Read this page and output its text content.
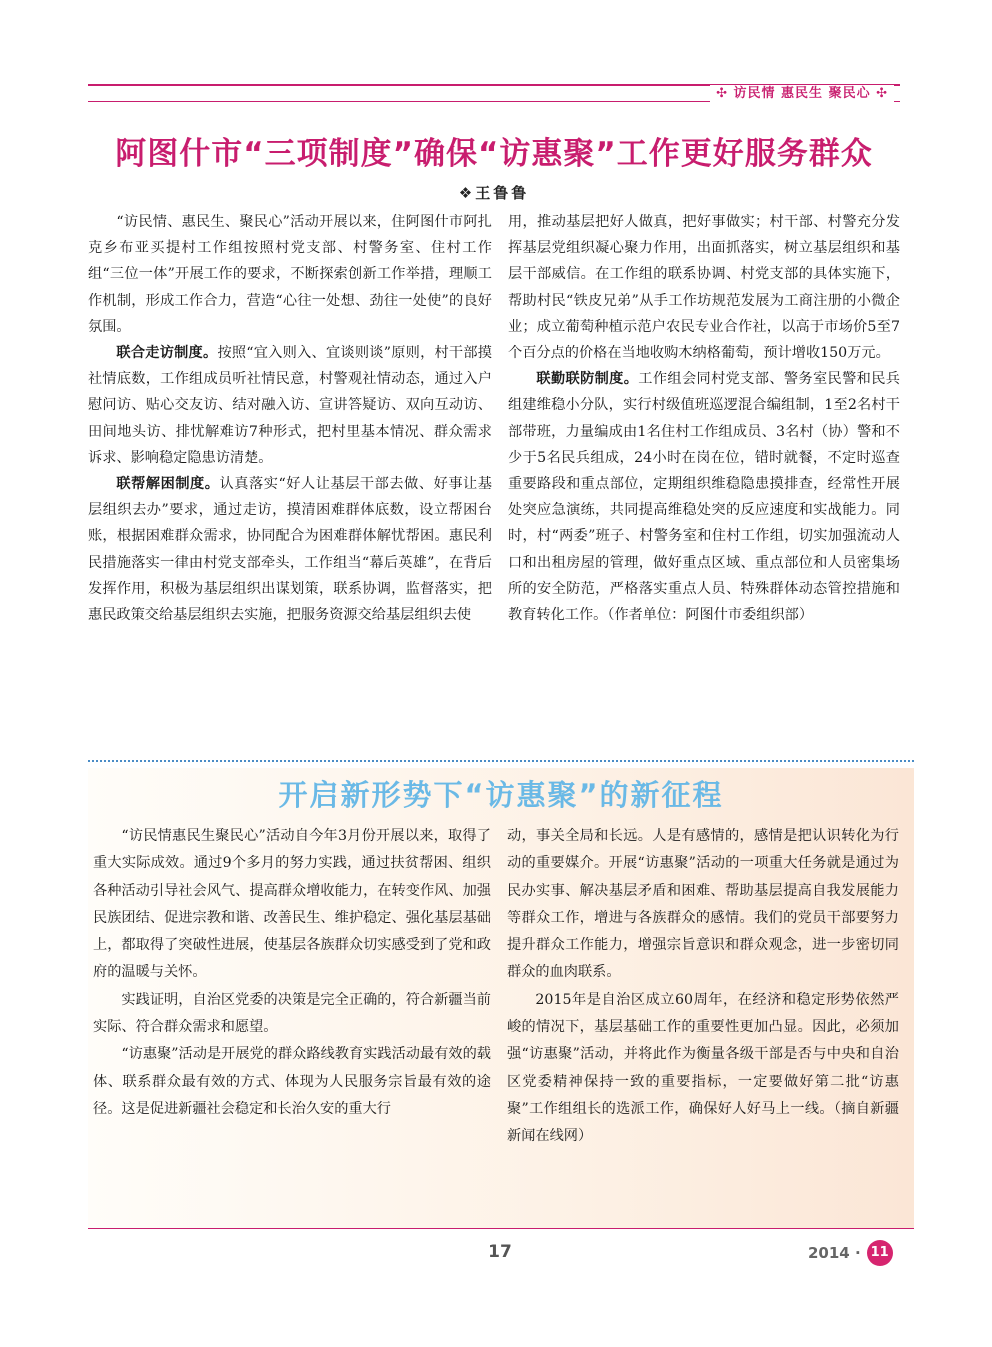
✣ 访民情 惠民生 聚民心 ✣
阿图什市“三项制度”确保“访惠聚”工作更好服务群众
❖王鲁鲁

“访民情、惠民生、聚民心”活动开展以来，住阿图什市阿扎克乡布亚买提村工作组按照村党支部、村警务室、住村工作组“三位一体”开展工作的要求，不断探索创新工作举措，理顺工作机制，形成工作合力，营造“心往一处想、劲往一处使”的良好氛围。

联合走访制度。按照“宜入则入、宜谈则谈”原则，村干部摸社情底数，工作组成员听社情民意，村警观社情动态，通过入户慰问访、贴心交友访、结对融入访、宣讲答疑访、双向互动访、田间地头访、排忧解难访7种形式，把村里基本情况、群众需求诉求、影响稳定隐患访清楚。

联帮解困制度。认真落实“好人让基层干部去做、好事让基层组织去办”要求，通过走访，摸清困难群体底数，设立帮困台账，根据困难群众需求，协同配合为困难群体解忧帮困。惠民利民措施落实一律由村党支部牵头，工作组当“幕后英雄”，在背后发挥作用，积极为基层组织出谋划策，联系协调，监督落实，把惠民政策交给基层组织去实施，把服务资源交给基层组织去使

用，推动基层把好人做真，把好事做实；村干部、村警充分发挥基层党组织凝心聚力作用，出面抓落实，树立基层组织和基层干部威信。在工作组的联系协调、村党支部的具体实施下，帮助村民“铁皮兄弟”从手工作坊规范发展为工商注册的小微企业；成立葡萄种植示范户农民专业合作社，以高于市场价5至7个百分点的价格在当地收购木纳格葡萄，预计增收150万元。

联勤联防制度。工作组会同村党支部、警务室民警和民兵组建维稳小分队，实行村级值班巡逻混合编组制，1至2名村干部带班，力量编成由1名住村工作组成员、3名村（协）警和不少于5名民兵组成，24小时在岗在位，错时就餐，不定时巡查重要路段和重点部位，定期组织维稳隐患摸排查，经常性开展处突应急演练，共同提高维稳处突的反应速度和实战能力。同时，村“两委”班子、村警务室和住村工作组，切实加强流动人口和出租房屋的管理，做好重点区域、重点部位和人员密集场所的安全防范，严格落实重点人员、特殊群体动态管控措施和教育转化工作。（作者单位：阿图什市委组织部）

开启新形势下“访惠聚”的新征程

“访民情惠民生聚民心”活动自今年3月份开展以来，取得了重大实际成效。通过9个多月的努力实践，通过扶贫帮困、组织各种活动引导社会风气、提高群众增收能力，在转变作风、加强民族团结、促进宗教和谐、改善民生、维护稳定、强化基层基础上，都取得了突破性进展，使基层各族群众切实感受到了党和政府的温暖与关怀。

实践证明，自治区党委的决策是完全正确的，符合新疆当前实际、符合群众需求和愿望。

“访惠聚”活动是开展党的群众路线教育实践活动最有效的载体、联系群众最有效的方式、体现为人民服务宗旨最有效的途径。这是促进新疆社会稳定和长治久安的重大行

动，事关全局和长远。人是有感情的，感情是把认识转化为行动的重要媒介。开展“访惠聚”活动的一项重大任务就是通过为民办实事、解决基层矛盾和困难、帮助基层提高自我发展能力等群众工作，增进与各族群众的感情。我们的党员干部要努力提升群众工作能力，增强宗旨意识和群众观念，进一步密切同群众的血肉联系。

2015年是自治区成立60周年，在经济和稳定形势依然严峻的情况下，基层基础工作的重要性更加凸显。因此，必须加强“访惠聚”活动，并将此作为衡量各级干部是否与中央和自治区党委精神保持一致的重要指标，一定要做好第二批“访惠聚”工作组组长的选派工作，确保好人好马上一线。（摘自新疆新闻在线网）

17	2014 · 11
